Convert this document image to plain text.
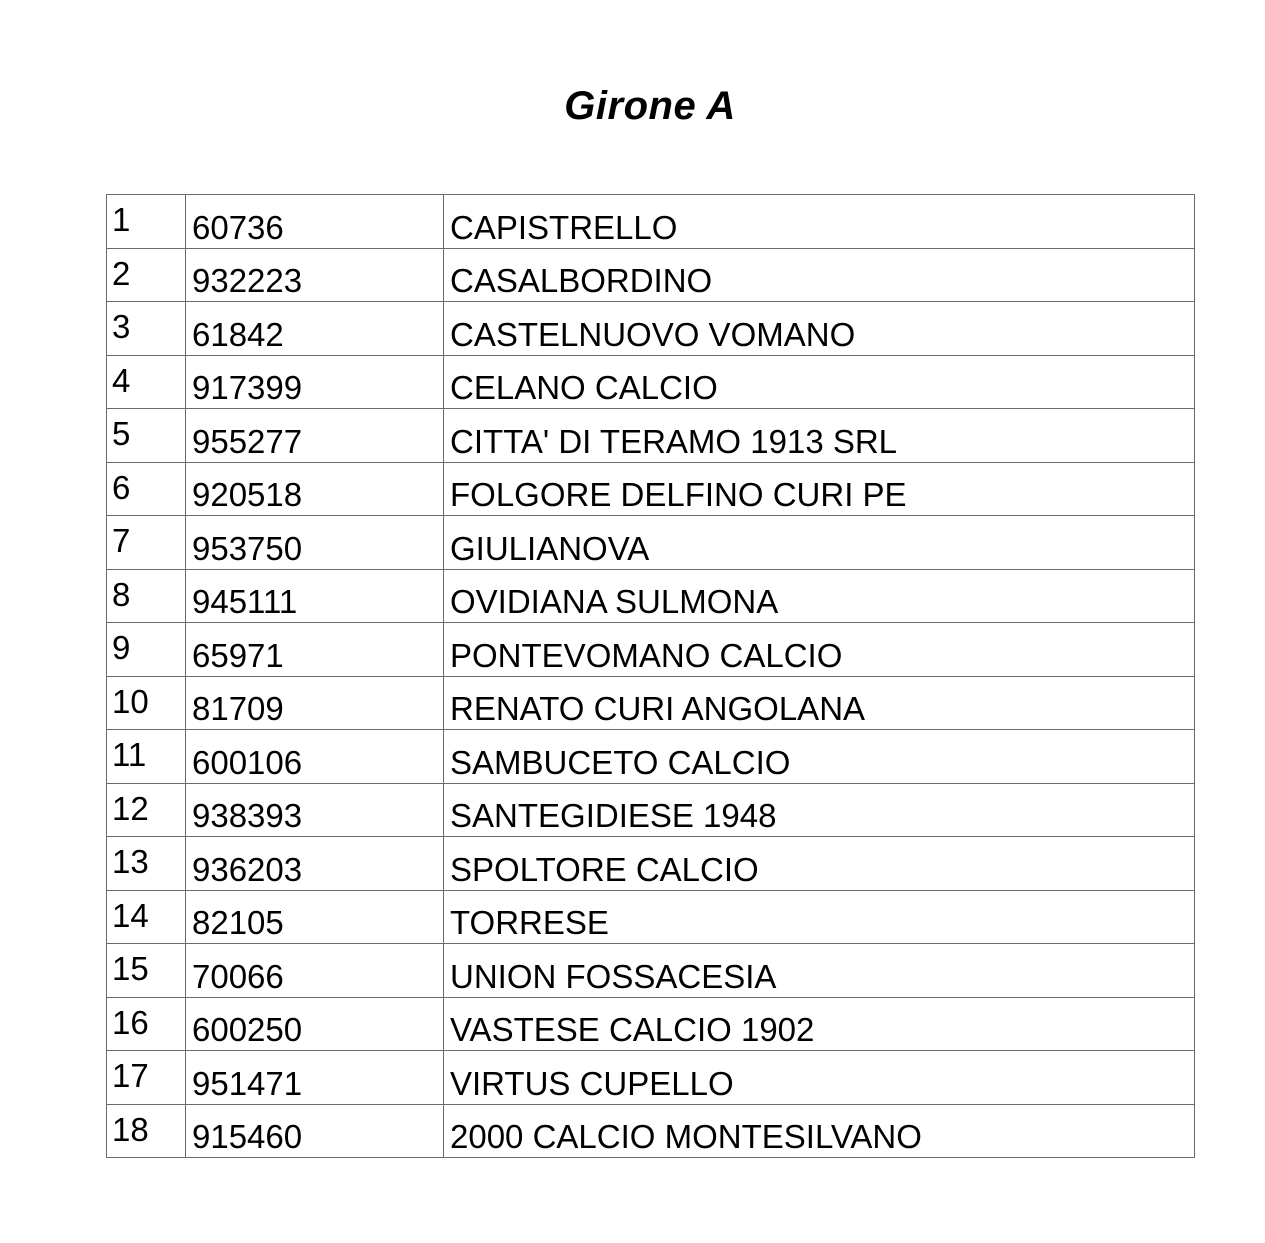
Girone A
1	60736	CAPISTRELLO
2	932223	CASALBORDINO
3	61842	CASTELNUOVO VOMANO
4	917399	CELANO CALCIO
5	955277	CITTA' DI TERAMO 1913 SRL
6	920518	FOLGORE DELFINO CURI PE
7	953750	GIULIANOVA
8	945111	OVIDIANA SULMONA
9	65971	PONTEVOMANO CALCIO
10	81709	RENATO CURI ANGOLANA
11	600106	SAMBUCETO CALCIO
12	938393	SANTEGIDIESE 1948
13	936203	SPOLTORE CALCIO
14	82105	TORRESE
15	70066	UNION FOSSACESIA
16	600250	VASTESE CALCIO 1902
17	951471	VIRTUS CUPELLO
18	915460	2000 CALCIO MONTESILVANO
